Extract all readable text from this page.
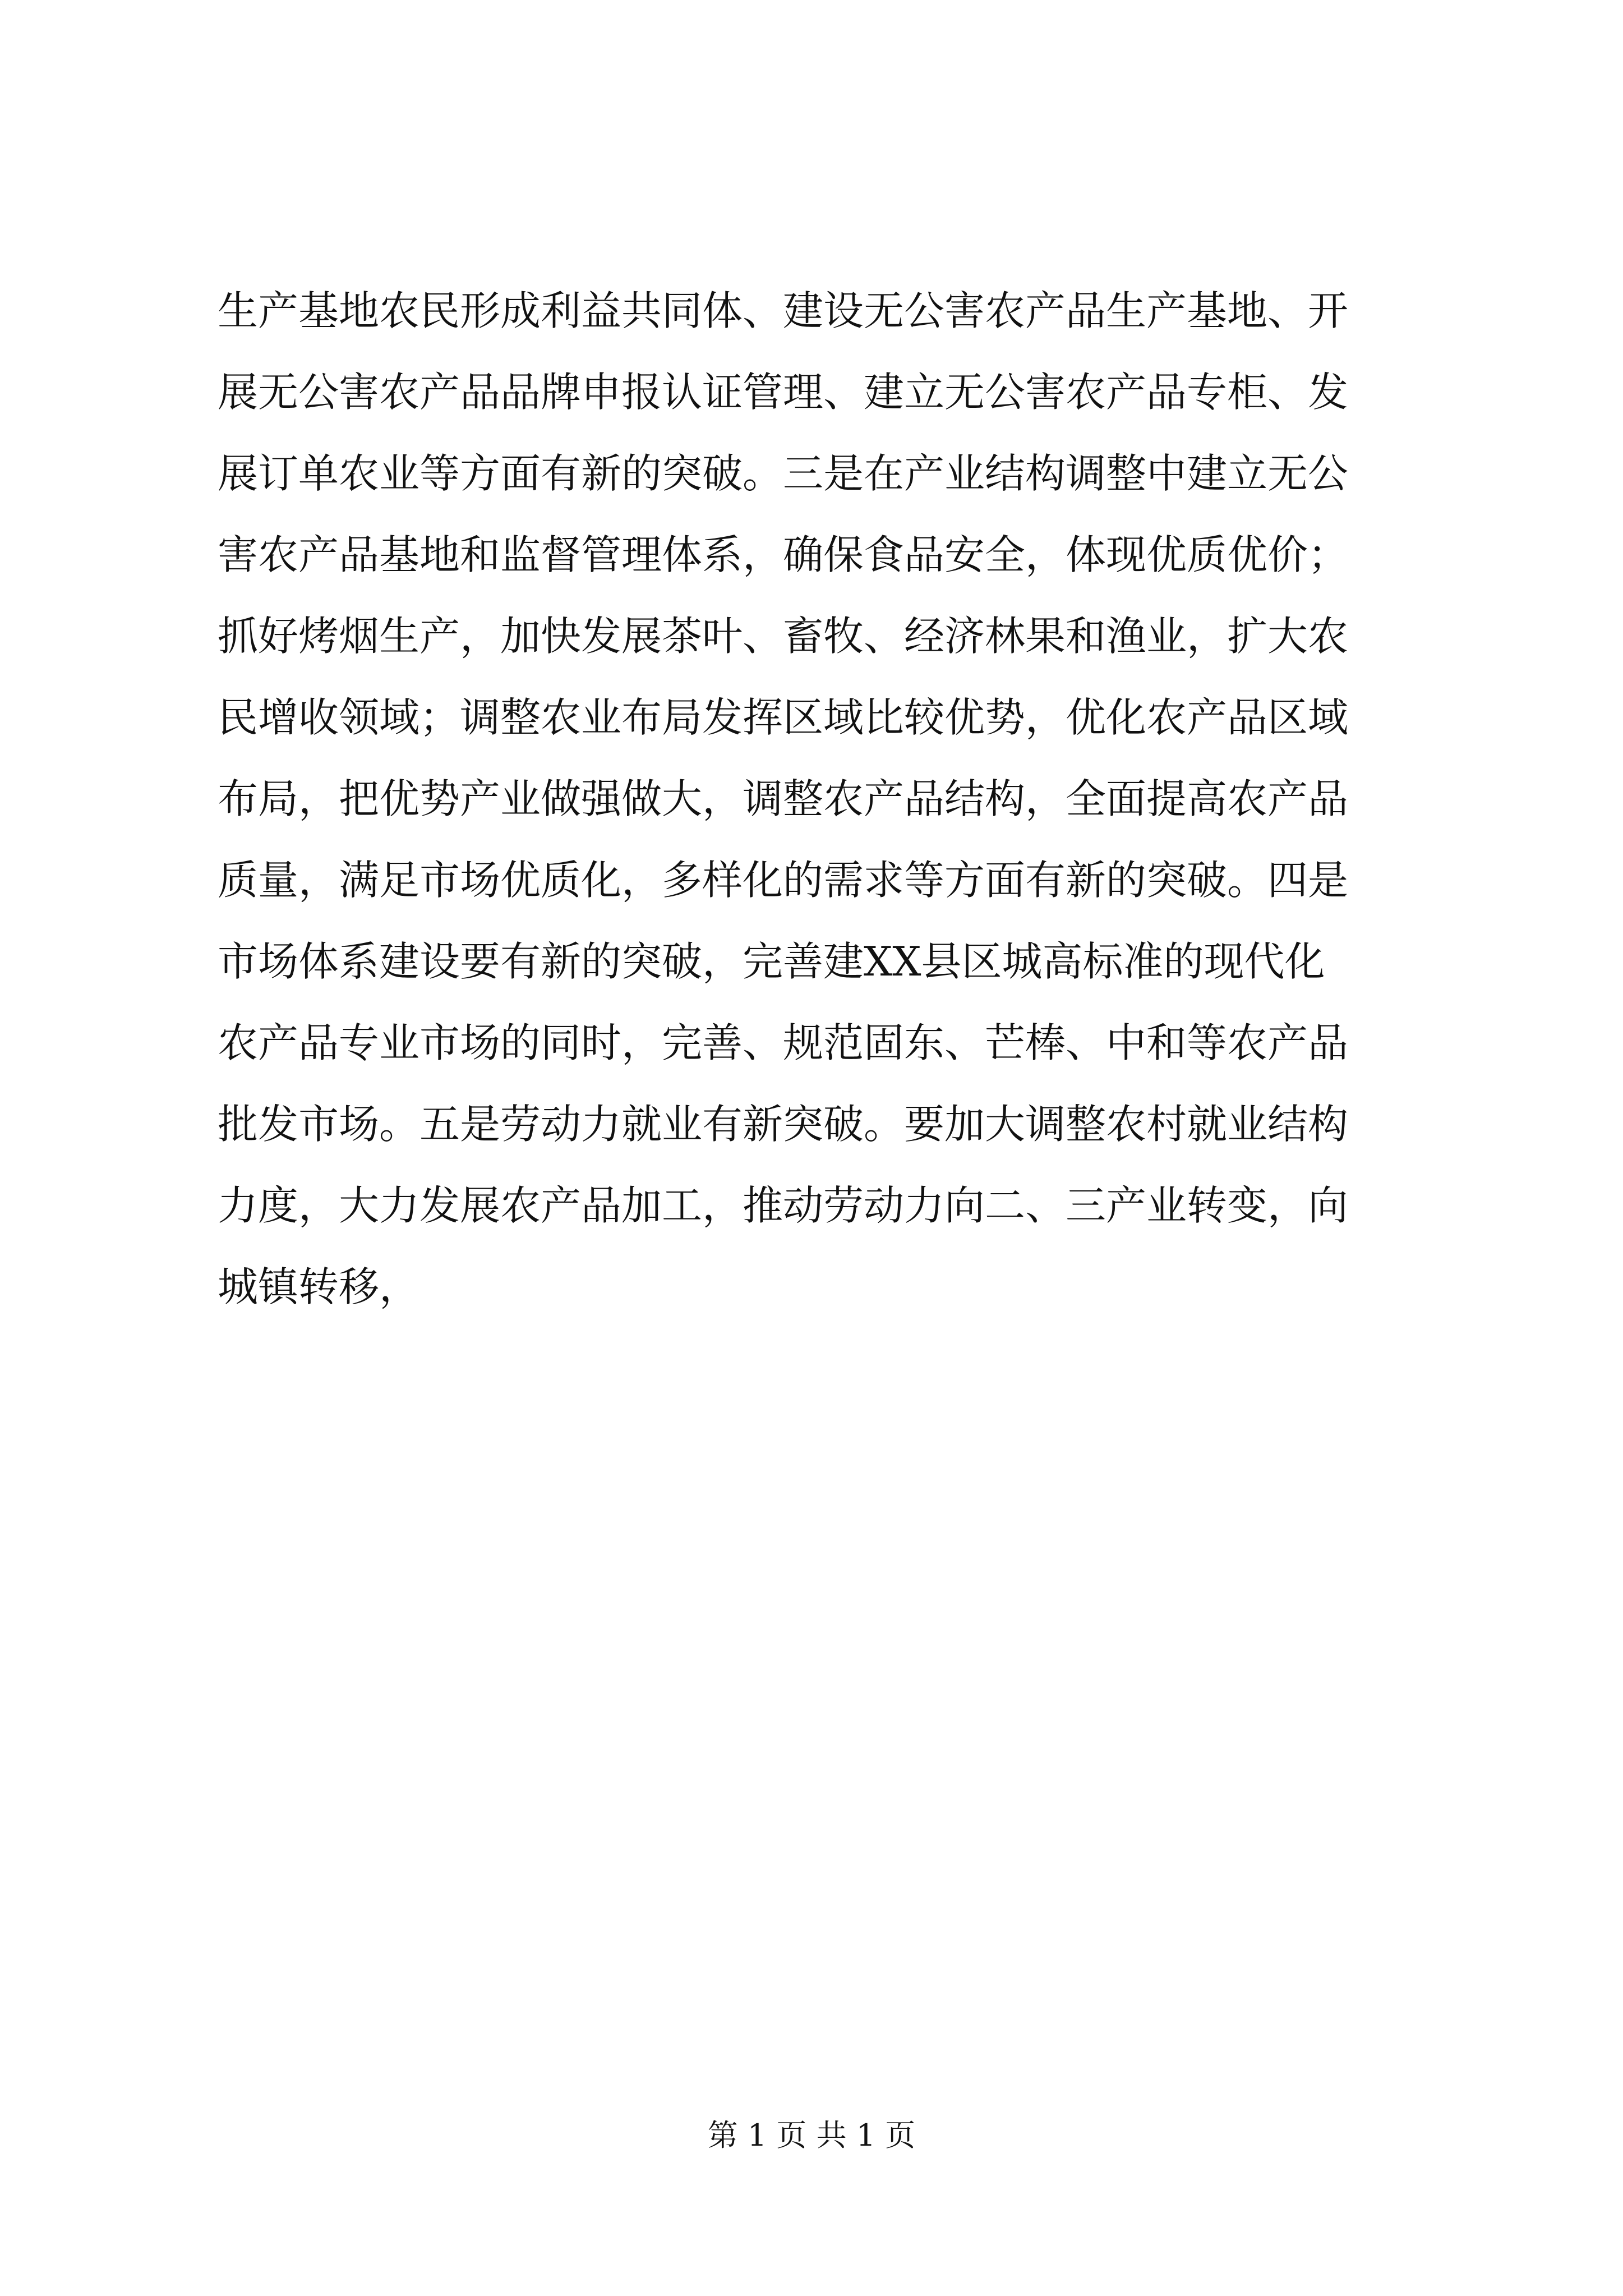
生产基地农民形成利益共同体、建设无公害农产品生产基地、开
展无公害农产品品牌申报认证管理、建立无公害农产品专柜、发
展订单农业等方面有新的突破。三是在产业结构调整中建立无公
害农产品基地和监督管理体系，确保食品安全，体现优质优价；
抓好烤烟生产，加快发展茶叶、畜牧、经济林果和渔业，扩大农
民增收领域；调整农业布局发挥区域比较优势，优化农产品区域
布局，把优势产业做强做大，调整农产品结构，全面提高农产品
质量，满足市场优质化，多样化的需求等方面有新的突破。四是
市场体系建设要有新的突破，完善建XX县区城高标准的现代化
农产品专业市场的同时，完善、规范固东、芒棒、中和等农产品
批发市场。五是劳动力就业有新突破。要加大调整农村就业结构
力度，大力发展农产品加工，推动劳动力向二、三产业转变，向
城镇转移，
第 1 页 共 1 页
